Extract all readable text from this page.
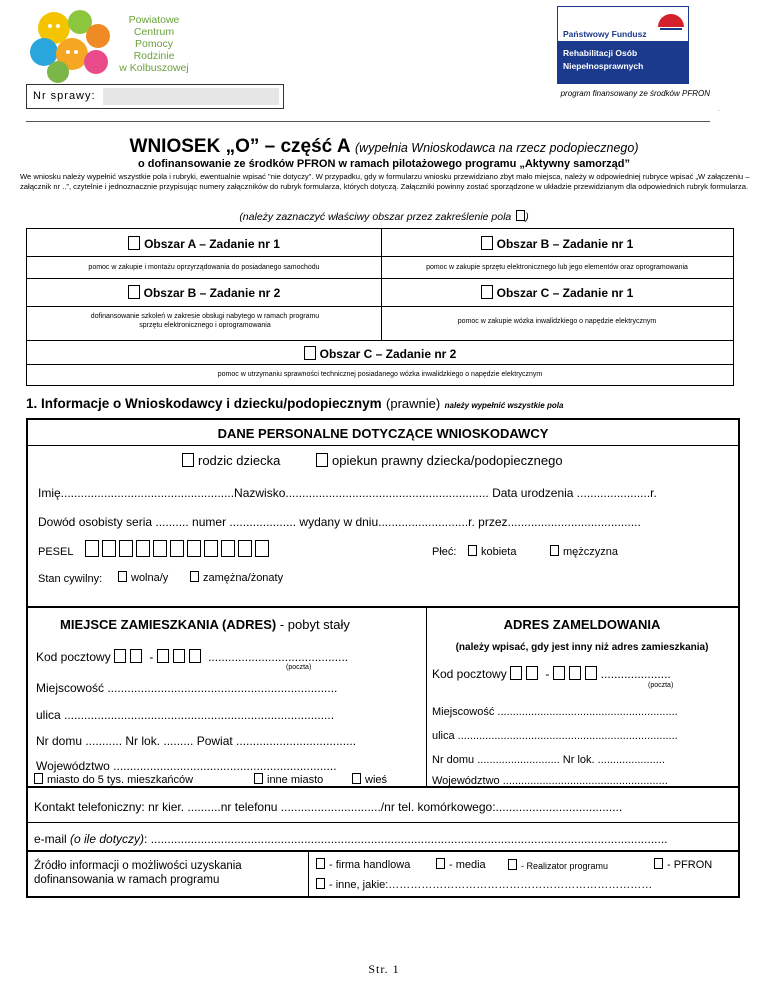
Powiatowe
Centrum
Pomocy
Rodzinie
w Kolbuszowej
Państwowy Fundusz
Rehabilitacji Osób
Niepełnosprawnych
Nr sprawy:	program finansowany ze środków PFRON
.
WNIOSEK „O” – część A (wypełnia Wnioskodawca na rzecz podopiecznego)
o dofinansowanie ze środków PFRON w ramach pilotażowego programu „Aktywny samorząd”
We wniosku należy wypełnić wszystkie pola i rubryki, ewentualnie wpisać "nie dotyczy". W przypadku, gdy w formularzu wniosku przewidziano zbyt mało miejsca, należy w odpowiedniej rubryce wpisać „W załączeniu – załącznik nr ..”, czytelnie i jednoznacznie przypisując numery załączników do rubryk formularza, których dotyczą. Załączniki powinny zostać sporządzone w układzie przewidzianym dla odpowiednich rubryk formularza.
(należy zaznaczyć właściwy obszar przez zakreślenie pola )
Obszar A – Zadanie nr 1	Obszar B – Zadanie nr 1
pomoc w zakupie i montażu oprzyrządowania do posiadanego samochodu	pomoc w zakupie sprzętu elektronicznego lub jego elementów oraz oprogramowania
Obszar B – Zadanie nr 2	Obszar C – Zadanie nr 1
dofinansowanie szkoleń w zakresie obsługi nabytego w ramach programu sprzętu elektronicznego i oprogramowania
pomoc w zakupie wózka inwalidzkiego o napędzie elektrycznym
Obszar C – Zadanie nr 2
pomoc w utrzymaniu sprawności technicznej posiadanego wózka inwalidzkiego o napędzie elektrycznym
1. Informacje o Wnioskodawcy i dziecku/podopiecznym (prawnie) należy wypełnić wszystkie pola
DANE PERSONALNE DOTYCZĄCE WNIOSKODAWCY
rodzic dziecka	opiekun prawny dziecka/podopiecznego
Imię....................................................Nazwisko............................................................. Data urodzenia ......................r.
Dowód osobisty seria .......... numer .................... wydany w dniu...........................r. przez........................................
PESEL	Płeć:	kobieta	mężczyzna
Stan cywilny:	wolna/y	zamężna/żonaty
MIEJSCE ZAMIESZKANIA (ADRES) - pobyt stały
Kod pocztowy	-	..........................................
(poczta)
Miejscowość .....................................................................
ulica .................................................................................
Nr domu ........... Nr lok. ......... Powiat ....................................
Województwo ...................................................................
miasto do 5 tys. mieszkańców	inne miasto	wieś
ADRES ZAMELDOWANIA
(należy wpisać, gdy jest inny niż adres zamieszkania)
Kod pocztowy	-	.....................
(poczta)
Miejscowość ...........................................................
ulica ........................................................................
Nr domu ........................... Nr lok. ......................
Województwo ......................................................
Kontakt telefoniczny: nr kier. ..........nr telefonu ............................../nr tel. komórkowego:......................................
e-mail (o ile dotyczy): ...........................................................................................................................................................
Źródło informacji o możliwości uzyskania dofinansowania w ramach programu
- firma handlowa	- media	- Realizator programu	- PFRON
- inne, jakie:………………………………………………………………
Str. 1
